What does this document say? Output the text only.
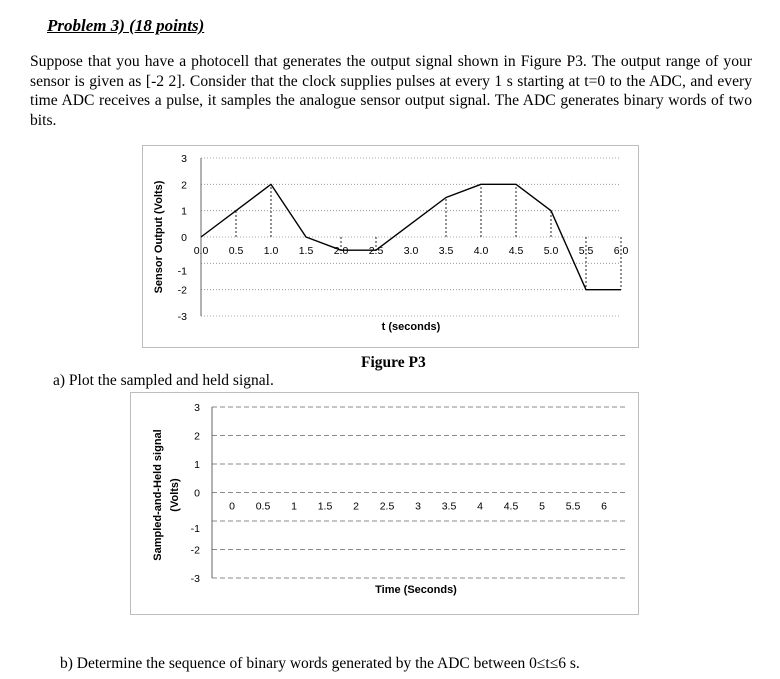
Problem 3) (18 points)

Suppose that you have a photocell that generates the output signal shown in Figure P3. The output range of your sensor is given as [-2 2]. Consider that the clock supplies pulses at every 1 s starting at t=0 to the ADC, and every time ADC receives a pulse, it samples the analogue sensor output signal. The ADC generates binary words of two bits.

3
2
1
0
-1
-2
-3
0.0 0.5 1.0 1.5 2.0 2.5 3.0 3.5 4.0 4.5 5.0 5.5 6.0
t (seconds)
Sensor Output (Volts)
3
2
1
0
-1
-2
-3
0 0.5 1 1.5 2 2.5 3 3.5 4 4.5 5 5.5 6
Time (Seconds)
Sampled-and-Held signal (Volts)

Figure P3

a) Plot the sampled and held signal.

b) Determine the sequence of binary words generated by the ADC between 0≤t≤6 s.
